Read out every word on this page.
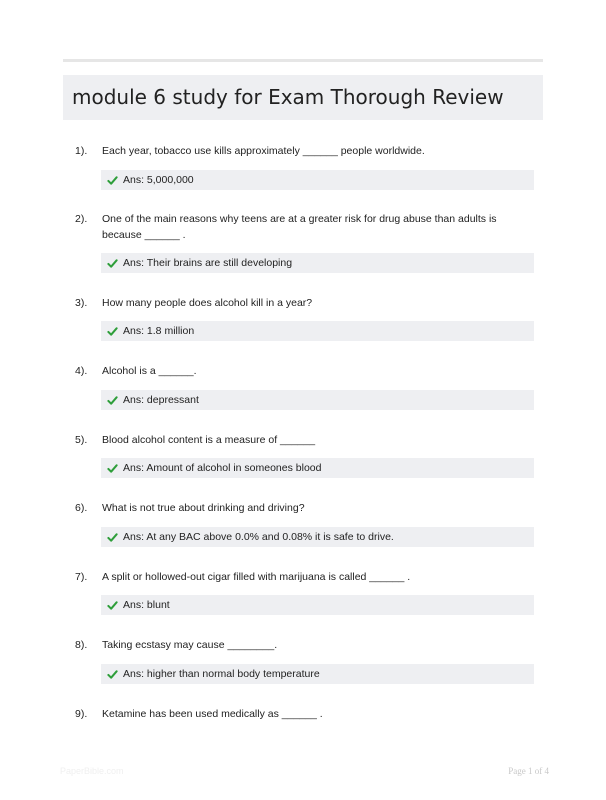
module 6 study for Exam Thorough Review
1). Each year, tobacco use kills approximately ______ people worldwide.
Ans: 5,000,000
2). One of the main reasons why teens are at a greater risk for drug abuse than adults is because ______ .
Ans: Their brains are still developing
3). How many people does alcohol kill in a year?
Ans: 1.8 million
4). Alcohol is a ______.
Ans: depressant
5). Blood alcohol content is a measure of ______
Ans: Amount of alcohol in someones blood
6). What is not true about drinking and driving?
Ans: At any BAC above 0.0% and 0.08% it is safe to drive.
7). A split or hollowed-out cigar filled with marijuana is called ______ .
Ans: blunt
8). Taking ecstasy may cause ________.
Ans: higher than normal body temperature
9). Ketamine has been used medically as ______ .
PaperBible.com	Page 1 of 4
